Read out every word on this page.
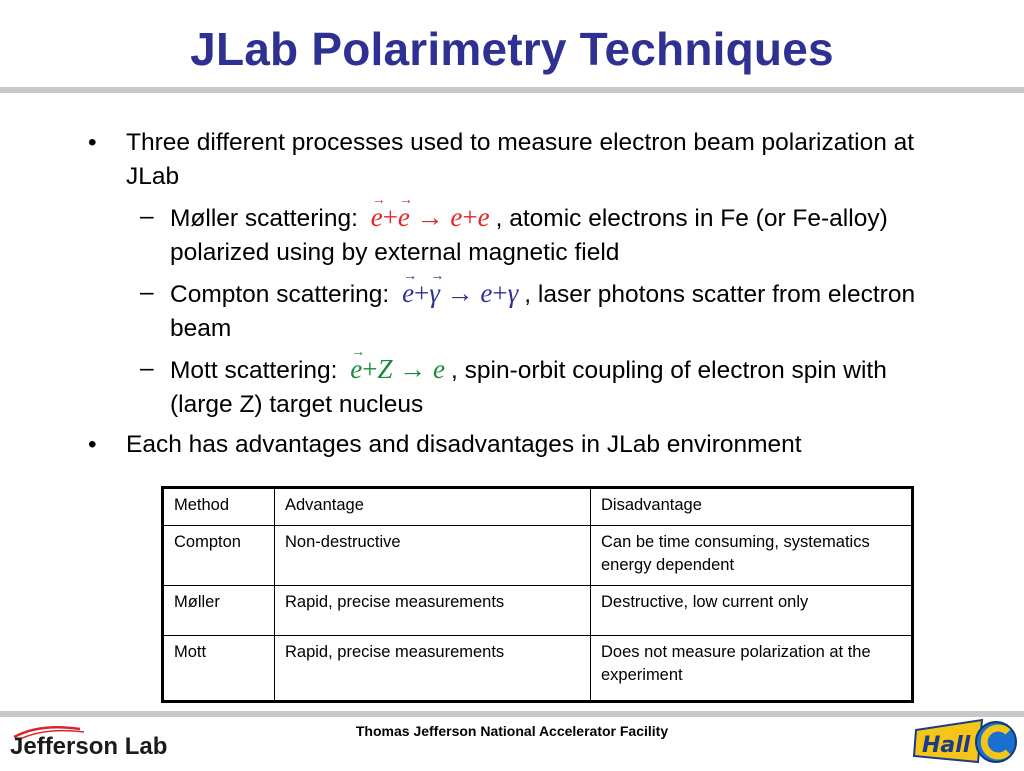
JLab Polarimetry Techniques
• Three different processes used to measure electron beam polarization at JLab
– Møller scattering: → e+→ e → e+e , atomic electrons in Fe (or Fe-alloy) polarized using by external magnetic field
– Compton scattering: → e+→ γ → e+γ , laser photons scatter from electron beam
– Mott scattering: → e+Z → e , spin-orbit coupling of electron spin with (large Z) target nucleus
• Each has advantages and disadvantages in JLab environment
Method	Advantage	Disadvantage
Compton	Non-destructive	Can be time consuming, systematics energy dependent
Møller	Rapid, precise measurements	Destructive, low current only
Mott	Rapid, precise measurements	Does not measure polarization at the experiment
Jefferson Lab
Thomas Jefferson National Accelerator Facility
Hall
